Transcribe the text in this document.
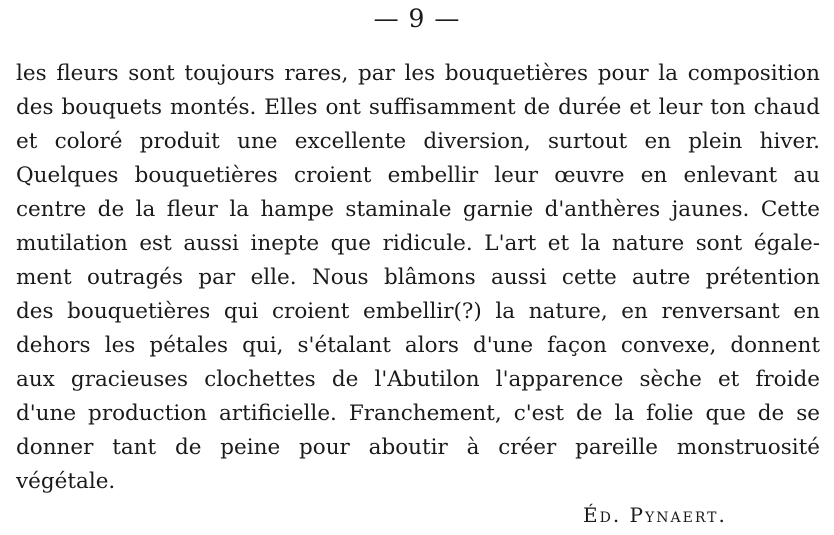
— 9 —
les fleurs sont toujours rares, par les bouquetières pour la composition
des bouquets montés. Elles ont suffisamment de durée et leur ton chaud
et coloré produit une excellente diversion, surtout en plein hiver.
Quelques bouquetières croient embellir leur œuvre en enlevant au
centre de la fleur la hampe staminale garnie d'anthères jaunes. Cette
mutilation est aussi inepte que ridicule. L'art et la nature sont égale-
ment outragés par elle. Nous blâmons aussi cette autre prétention
des bouquetières qui croient embellir(?) la nature, en renversant en
dehors les pétales qui, s'étalant alors d'une façon convexe, donnent
aux gracieuses clochettes de l'Abutilon l'apparence sèche et froide
d'une production artificielle. Franchement, c'est de la folie que de se
donner tant de peine pour aboutir à créer pareille monstruosité
végétale.
Éd. Pynaert.
